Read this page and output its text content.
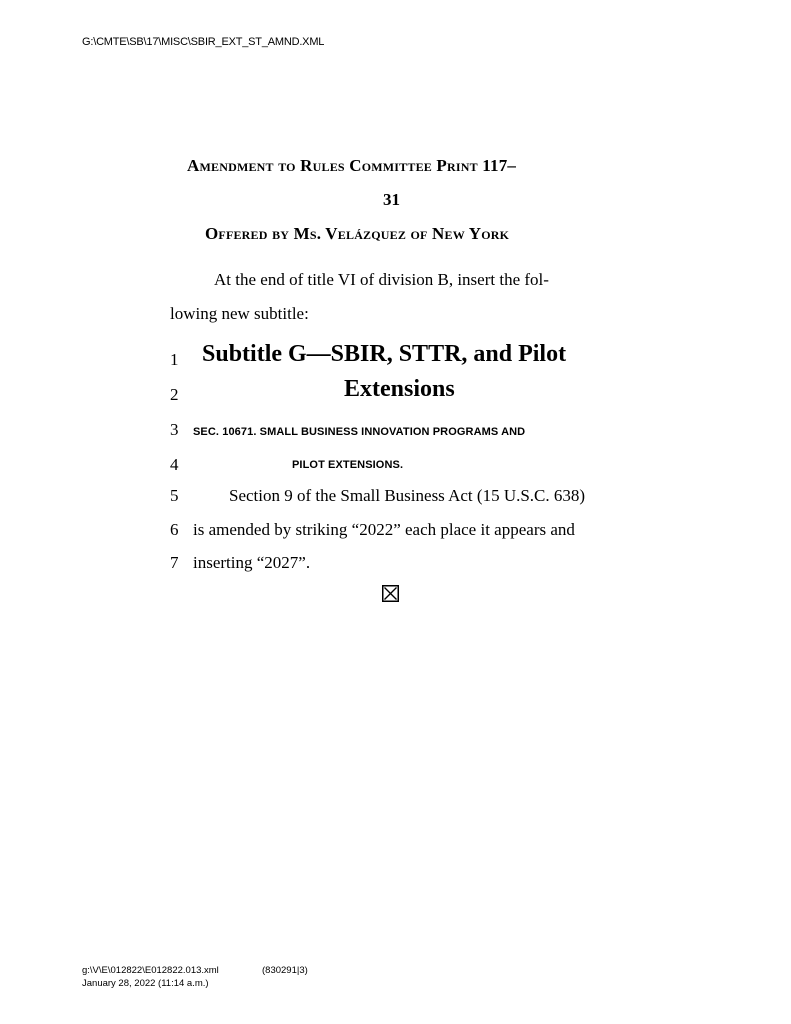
G:\CMTE\SB\17\MISC\SBIR_EXT_ST_AMND.XML
Amendment to Rules Committee Print 117–
31
Offered by Ms. Velázquez of New York
At the end of title VI of division B, insert the fol-
lowing new subtitle:
1 Subtitle G—SBIR, STTR, and Pilot
2	Extensions
3	SEC. 10671. SMALL BUSINESS INNOVATION PROGRAMS AND
4	PILOT EXTENSIONS.
5	Section 9 of the Small Business Act (15 U.S.C. 638)
6 is amended by striking “2022” each place it appears and
7 inserting “2027”.
g:\V\E\012822\E012822.013.xml	(830291|3)
January 28, 2022 (11:14 a.m.)
